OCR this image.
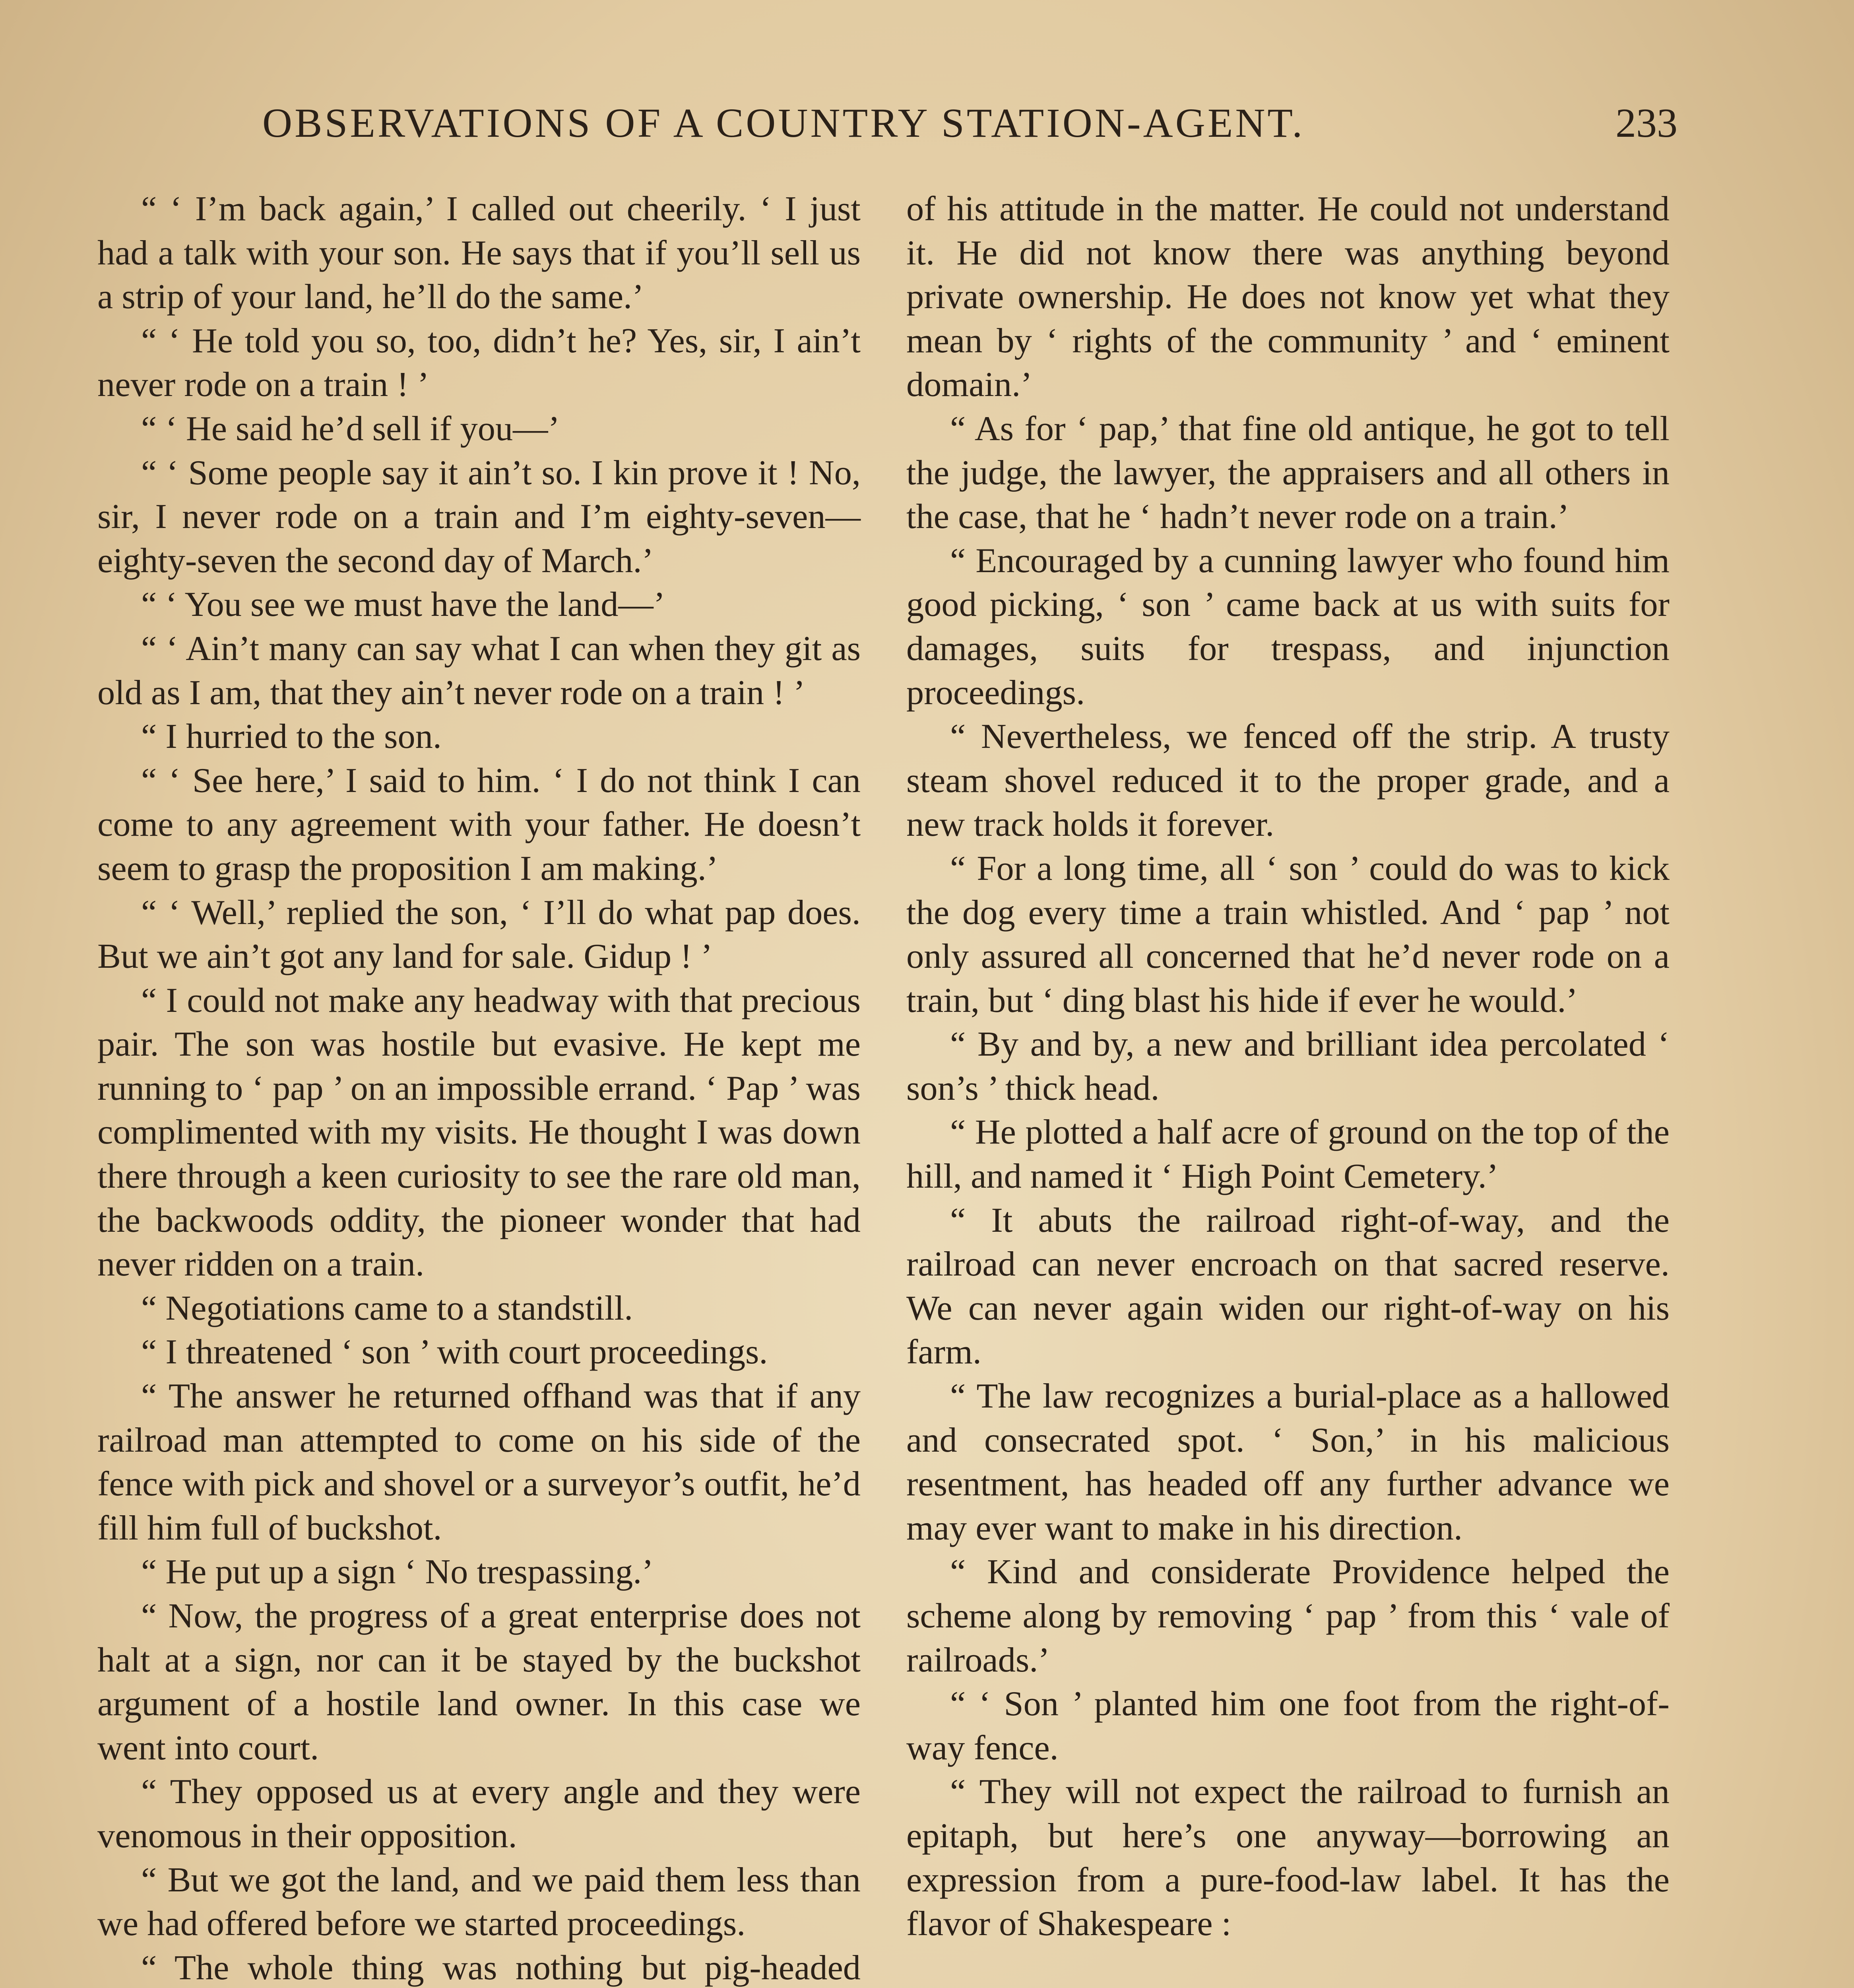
OBSERVATIONS OF A COUNTRY STATION-AGENT.	233

“ ‘ I’m back again,’ I called out cheerily. ‘ I just had a talk with your son. He says that if you’ll sell us a strip of your land, he’ll do the same.’

“ ‘ He told you so, too, didn’t he? Yes, sir, I ain’t never rode on a train ! ’

“ ‘ He said he’d sell if you—’

“ ‘ Some people say it ain’t so. I kin prove it ! No, sir, I never rode on a train and I’m eighty-seven—eighty-seven the second day of March.’

“ ‘ You see we must have the land—’

“ ‘ Ain’t many can say what I can when they git as old as I am, that they ain’t never rode on a train ! ’

“ I hurried to the son.

“ ‘ See here,’ I said to him. ‘ I do not think I can come to any agreement with your father. He doesn’t seem to grasp the proposition I am making.’

“ ‘ Well,’ replied the son, ‘ I’ll do what pap does. But we ain’t got any land for sale. Gidup ! ’

“ I could not make any headway with that precious pair. The son was hostile but evasive. He kept me running to ‘ pap ’ on an impossible errand. ‘ Pap ’ was complimented with my visits. He thought I was down there through a keen curiosity to see the rare old man, the backwoods oddity, the pioneer wonder that had never ridden on a train.

“ Negotiations came to a standstill.

“ I threatened ‘ son ’ with court proceedings.

“ The answer he returned offhand was that if any railroad man attempted to come on his side of the fence with pick and shovel or a surveyor’s outfit, he’d fill him full of buckshot.

“ He put up a sign ‘ No trespassing.’

“ Now, the progress of a great enterprise does not halt at a sign, nor can it be stayed by the buckshot argument of a hostile land owner. In this case we went into court.

“ They opposed us at every angle and they were venomous in their opposition.

“ But we got the land, and we paid them less than we had offered before we started proceedings.

“ The whole thing was nothing but pig-headed

of his attitude in the matter. He could not understand it. He did not know there was anything beyond private ownership. He does not know yet what they mean by ‘ rights of the community ’ and ‘ eminent domain.’

“ As for ‘ pap,’ that fine old antique, he got to tell the judge, the lawyer, the appraisers and all others in the case, that he ‘ hadn’t never rode on a train.’

“ Encouraged by a cunning lawyer who found him good picking, ‘ son ’ came back at us with suits for damages, suits for trespass, and injunction proceedings.

“ Nevertheless, we fenced off the strip. A trusty steam shovel reduced it to the proper grade, and a new track holds it forever.

“ For a long time, all ‘ son ’ could do was to kick the dog every time a train whistled. And ‘ pap ’ not only assured all concerned that he’d never rode on a train, but ‘ ding blast his hide if ever he would.’

“ By and by, a new and brilliant idea percolated ‘ son’s ’ thick head.

“ He plotted a half acre of ground on the top of the hill, and named it ‘ High Point Cemetery.’

“ It abuts the railroad right-of-way, and the railroad can never encroach on that sacred reserve. We can never again widen our right-of-way on his farm.

“ The law recognizes a burial-place as a hallowed and consecrated spot. ‘ Son,’ in his malicious resentment, has headed off any further advance we may ever want to make in his direction.

“ Kind and considerate Providence helped the scheme along by removing ‘ pap ’ from this ‘ vale of railroads.’

“ ‘ Son ’ planted him one foot from the right-of-way fence.

“ They will not expect the railroad to furnish an epitaph, but here’s one anyway—borrowing an expression from a pure-food-law label. It has the flavor of Shakespeare :
